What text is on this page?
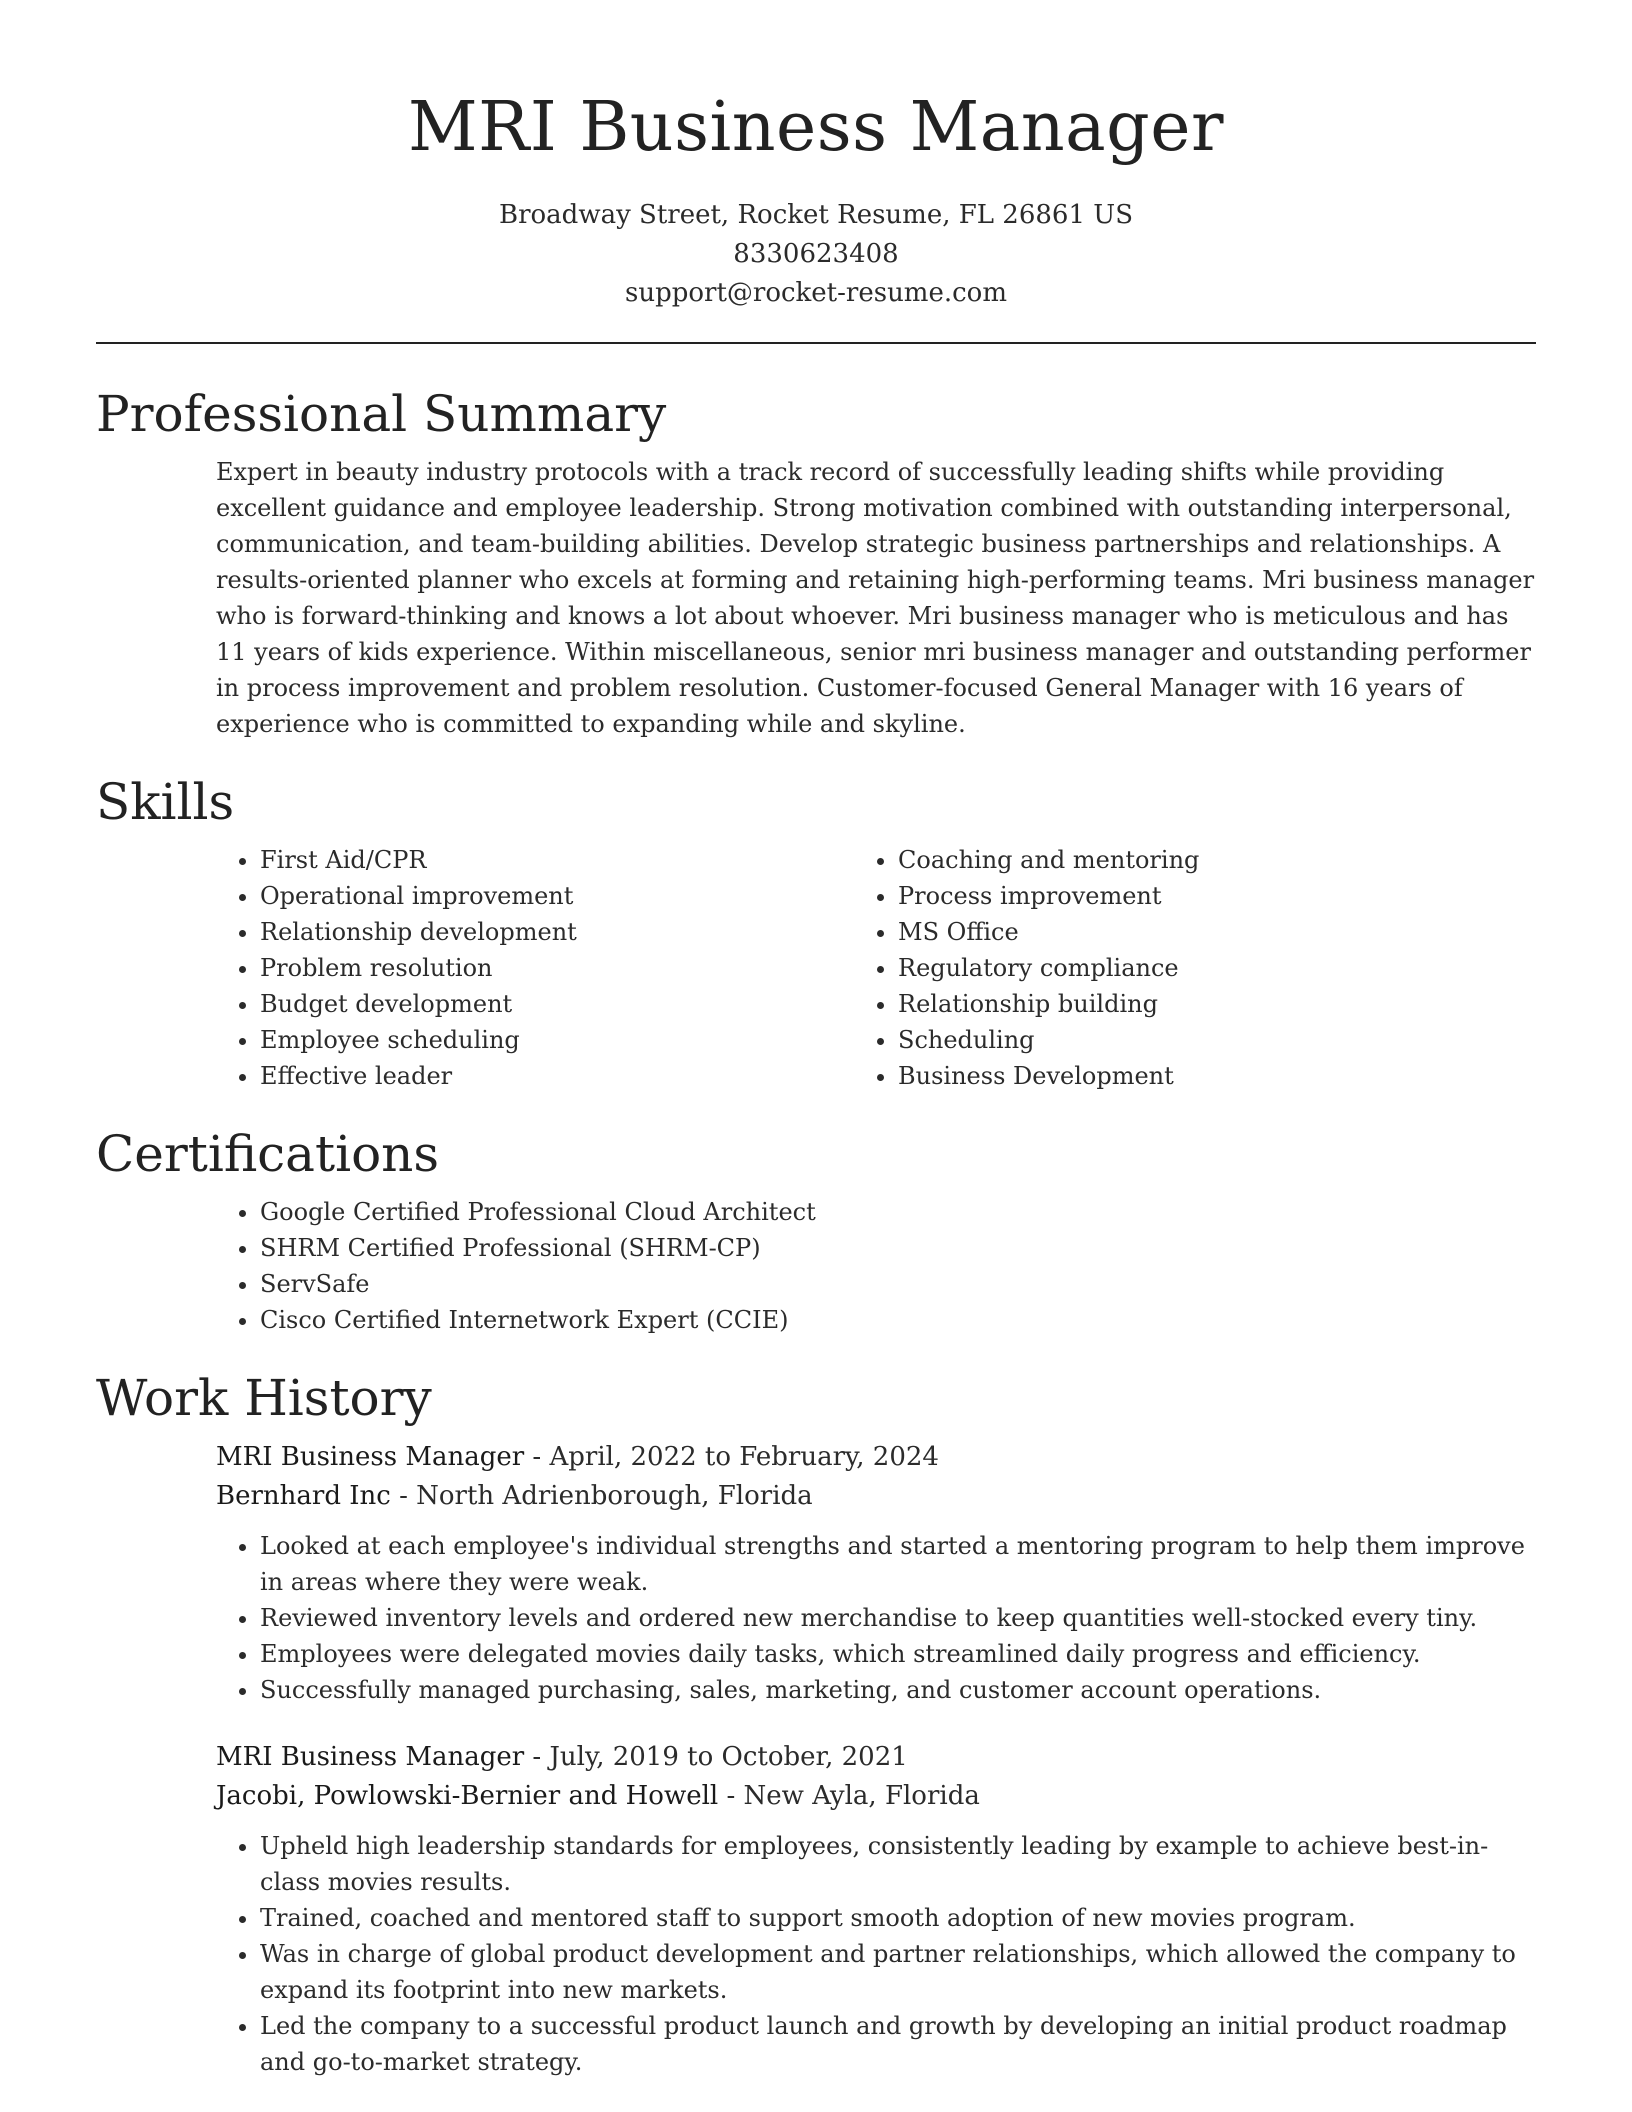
MRI Business Manager
Broadway Street, Rocket Resume, FL 26861 US
8330623408
support@rocket-resume.com
Professional Summary

Expert in beauty industry protocols with a track record of successfully leading shifts while providing excellent guidance and employee leadership. Strong motivation combined with outstanding interpersonal, communication, and team-building abilities. Develop strategic business partnerships and relationships. A results-oriented planner who excels at forming and retaining high-performing teams. Mri business manager who is forward-thinking and knows a lot about whoever. Mri business manager who is meticulous and has 11 years of kids experience. Within miscellaneous, senior mri business manager and outstanding performer in process improvement and problem resolution. Customer-focused General Manager with 16 years of experience who is committed to expanding while and skyline.

Skills
• First Aid/CPR
• Operational improvement
• Relationship development
• Problem resolution
• Budget development
• Employee scheduling
• Effective leader
• Coaching and mentoring
• Process improvement
• MS Office
• Regulatory compliance
• Relationship building
• Scheduling
• Business Development
Certifications
• Google Certified Professional Cloud Architect
• SHRM Certified Professional (SHRM-CP)
• ServSafe
• Cisco Certified Internetwork Expert (CCIE)
Work History
MRI Business Manager - April, 2022 to February, 2024
Bernhard Inc - North Adrienborough, Florida
• Looked at each employee's individual strengths and started a mentoring program to help them improve in areas where they were weak.
• Reviewed inventory levels and ordered new merchandise to keep quantities well-stocked every tiny.
• Employees were delegated movies daily tasks, which streamlined daily progress and efficiency.
• Successfully managed purchasing, sales, marketing, and customer account operations.
MRI Business Manager - July, 2019 to October, 2021
Jacobi, Powlowski-Bernier and Howell - New Ayla, Florida
• Upheld high leadership standards for employees, consistently leading by example to achieve best-in-class movies results.
• Trained, coached and mentored staff to support smooth adoption of new movies program.
• Was in charge of global product development and partner relationships, which allowed the company to expand its footprint into new markets.
• Led the company to a successful product launch and growth by developing an initial product roadmap and go-to-market strategy.
